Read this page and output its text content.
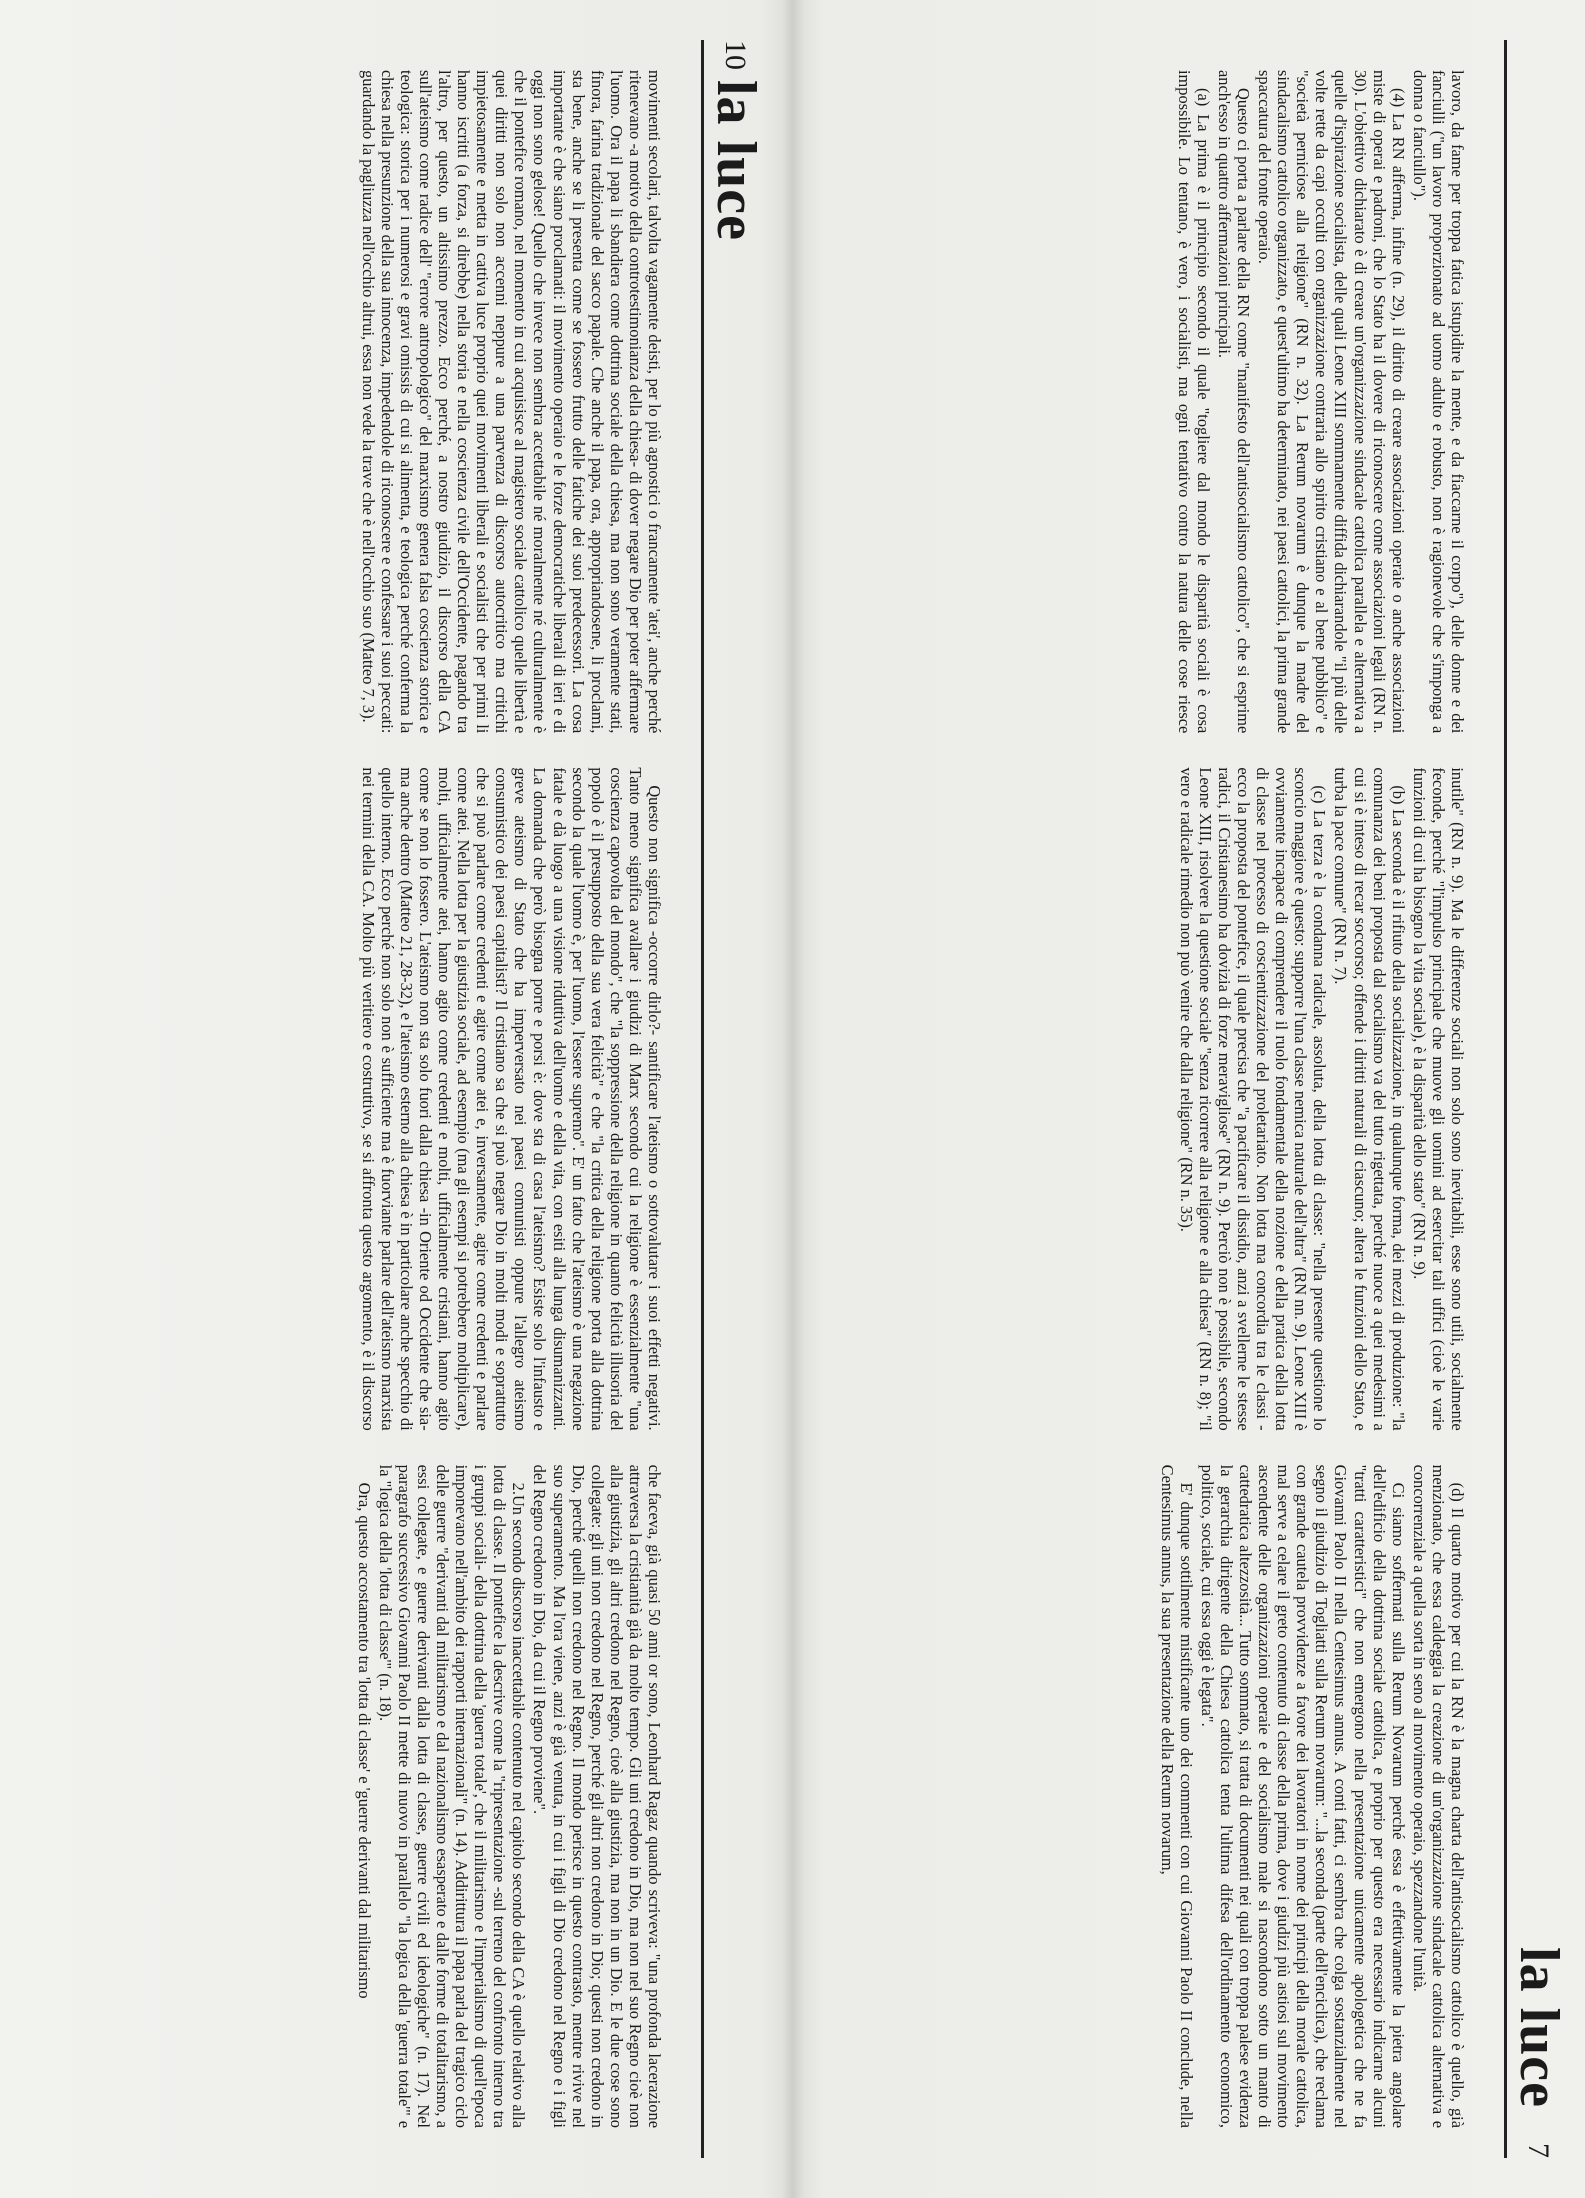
10
la luce

movimenti secolari, talvolta vagamente deisti, per lo più agnostici o francamente 'atei', anche perché ritenevano -a motivo della controtestimonianza della chiesa- di dover negare Dio per poter affermare l'uomo. Ora il papa li sbandiera come dottrina sociale della chiesa, ma non sono veramente stati, finora, farina tradizionale del sacco papale. Che anche il papa, ora, appropriandosene, li proclami, sta bene, anche se li presenta come se fossero frutto delle fatiche dei suoi predecessori. La cosa importante è che siano proclamati: il movimento operaio e le forze democratiche liberali di ieri e di oggi non sono gelose! Quello che invece non sembra accettabile né moralmente né culturalmente è che il pontefice romano, nel momento in cui acquisisce al magistero sociale cattolico quelle libertà e quei diritti non solo non accenni neppure a una parvenza di discorso autocritico ma critichi impietosamente e metta in cattiva luce proprio quei movimenti liberali e socialisti che per primi li hanno iscritti (a forza, si direbbe) nella storia e nella coscienza civile dell'Occidente, pagando tra l'altro, per questo, un altissimo prezzo. Ecco perché, a nostro giudizio, il discorso della CA sull'ateismo come radice dell' "errore antropologico" del marxismo genera falsa coscienza storica e teologica: storica per i numerosi e gravi omissis di cui si alimenta, e teologica perché conferma la chiesa nella presunzione della sua innocenza, impedendole di riconoscere e confessare i suoi peccati: guardando la pagliuzza nell'occhio altrui, essa non vede la trave che è nell'occhio suo (Matteo 7, 3).

Questo non significa -occorre dirlo?- santificare l'ateismo o sottovalutare i suoi effetti negativi. Tanto meno significa avallare i giudizi di Marx secondo cui la religione è essenzialmente "una coscienza capovolta del mondo", che "la soppressione della religione in quanto felicità illusoria del popolo è il presupposto della sua vera felicità" e che "la critica della religione porta alla dottrina secondo la quale l'uomo è, per l'uomo, l'essere supremo". E' un fatto che l'ateismo è una negazione fatale e dà luogo a una visione riduttiva dell'uomo e della vita, con esiti alla lunga disumanizzanti. La domanda che però bisogna porre e porsi è: dove sta di casa l'ateismo? Esiste solo l'infausto e greve ateismo di Stato che ha imperversato nei paesi comunisti oppure l'allegro ateismo consumistico dei paesi capitalisti? Il cristiano sa che si può negare Dio in molti modi e soprattutto che si può parlare come credenti e agire come atei e, inversamente, agire come credenti e parlare come atei. Nella lotta per la giustizia sociale, ad esempio (ma gli esempi si potrebbero moltiplicare), molti, ufficialmente atei, hanno agito come credenti e molti, ufficialmente cristiani, hanno agito come se non lo fossero. L'ateismo non sta solo fuori dalla chiesa -in Oriente od Occidente che sia- ma anche dentro (Matteo 21, 28-32), e l'ateismo esterno alla chiesa è in particolare anche specchio di quello interno. Ecco perché non solo non è sufficiente ma è fuorviante parlare dell'ateismo marxista nei termini della CA. Molto più veritiero e costruttivo, se si affronta questo argomento, è il discorso che faceva, già quasi 50 anni or sono, Leonhard Ragaz quando scriveva: "una profonda lacerazione attraversa la cristianità già da molto tempo. Gli uni credono in Dio, ma non nel suo Regno cioè non alla giustizia, gli altri credono nel Regno, cioè alla giustizia, ma non in un Dio. E le due cose sono collegate: gli uni non credono nel Regno, perché gli altri non credono in Dio; questi non credono in Dio, perché quelli non credono nel Regno. Il mondo perisce in questo contrasto, mentre rivive nel suo superamento. Ma l'ora viene, anzi è già venuta, in cui i figli di Dio credono nel Regno e i figli del Regno credono in Dio, da cui il Regno proviene".

2.Un secondo discorso inaccettabile contenuto nel capitolo secondo della CA è quello relativo alla lotta di classe. Il pontefice la descrive come la "ripresentazione -sul terreno del confronto interno tra i gruppi sociali- della dottrina della 'guerra totale', che il militarismo e l'imperialismo di quell'epoca imponevano nell'ambito dei rapporti internazionali" (n. 14). Addirittura il papa parla del tragico ciclo delle guerre "derivanti dal militarismo e dal nazionalismo esasperato e dalle forme di totalitarismo, a essi collegate, e guerre derivanti dalla lotta di classe, guerre civili ed ideologiche" (n. 17). Nel paragrafo successivo Giovanni Paolo II mette di nuovo in parallelo "la logica della 'guerra totale'" e la "logica della 'lotta di classe'" (n. 18).

Ora, questo accostamento tra 'lotta di classe' e 'guerre derivanti dal militarismo

la luce
7

lavoro, da fame per troppa fatica istupidire la mente, e da fiaccarne il corpo"), delle donne e dei fanciulli ("un lavoro proporzionato ad uomo adulto e robusto, non è ragionevole che s'imponga a donna o fanciullo").

(4) La RN afferma, infine (n. 29), il diritto di creare associazioni operaie o anche associazioni miste di operai e padroni, che lo Stato ha il dovere di riconoscere come associazioni legali (RN n. 30). L'obiettivo dichiarato è di creare un'organizzazione sindacale cattolica parallela e alternativa a quelle d'ispirazione socialista, delle quali Leone XIII sommamente diffida dichiarandole "il più delle volte rette da capi occulti con organizzazione contraria allo spirito cristiano e al bene pubblico" e "società perniciose alla religione" (RN n. 32). La Rerum novarum è dunque la madre del sindacalismo cattolico organizzato, e quest'ultimo ha determinato, nei paesi cattolici, la prima grande spaccatura del fronte operaio.

Questo ci porta a parlare della RN come "manifesto dell'antisocialismo cattolico", che si esprime anch'esso in quattro affermazioni principali.

(a) La prima è il principio secondo il quale "togliere dal mondo le disparità sociali è cosa impossibile. Lo tentano, è vero, i socialisti, ma ogni tentativo contro la natura delle cose riesce inutile" (RN n. 9). Ma le differenze sociali non solo sono inevitabili, esse sono utili, socialmente feconde, perché "l'impulso principale che muove gli uomini ad esercitar tali uffici (cioè le varie funzioni di cui ha bisogno la vita sociale), è la disparità dello stato" (RN n. 9).

(b) La seconda è il rifiuto della socializzazione, in qualunque forma, dei mezzi di produzione: "la comunanza dei beni proposta dal socialismo va del tutto rigettata, perché nuoce a quei medesimi a cui si è inteso di recar soccorso; offende i diritti naturali di ciascuno; altera le funzioni dello Stato, e turba la pace comune" (RN n. 7).

(c) La terza è la condanna radicale, assoluta, della lotta di classe: "nella presente questione lo sconcio maggiore è questo: supporre l'una classe nemica naturale dell'altra" (RN nn. 9). Leone XIII è ovviamente incapace di comprendere il ruolo fondamentale della nozione e della pratica della lotta di classe nel processo di coscientizzazione del proletariato. Non lotta ma concordia tra le classi - ecco la proposta del pontefice, il quale precisa che "a pacificare il dissidio, anzi a svellerne le stesse radici, il Cristianesimo ha dovizia di forze meravigliose" (RN n. 9). Perciò non è possibile, secondo Leone XIII, risolvere la questione sociale "senza ricorrere alla religione e alla chiesa" (RN n. 8); "il vero e radicale rimedio non può venire che dalla religione" (RN n. 35).

(d) Il quarto motivo per cui la RN è la magna charta dell'antisocialismo cattolico è quello, già menzionato, che essa caldeggia la creazione di un'organizzazione sindacale cattolica alternativa e concorrenziale a quella sorta in seno al movimento operaio, spezzandone l'unità.

Ci siamo soffermati sulla Rerum Novarum perché essa è effettivamente la pietra angolare dell'edificio della dottrina sociale cattolica, e proprio per questo era necessario indicarne alcuni "tratti caratteristici" che non emergono nella presentazione unicamente apologetica che ne fa Giovanni Paolo II nella Centesimus annus. A conti fatti, ci sembra che colga sostanzialmente nel segno il giudizio di Togliatti sulla Rerum novarum: "...la seconda (parte dell'enciclica), che reclama con grande cautela provvidenze a favore dei lavoratori in nome dei principi della morale cattolica, mal serve a celare il greto contenuto di classe della prima, dove i giudizi più astiosi sul movimento ascendente delle organizzazioni operaie e del socialismo male si nascondono sotto un manto di cattedratica altezzosità... Tutto sommato, si tratta di documenti nei quali con troppa palese evidenza la gerarchia dirigente della Chiesa cattolica tenta l'ultima difesa dell'ordinamento economico, politico, sociale, cui essa oggi è legata".

E' dunque sottilmente mistificante uno dei commenti con cui Giovanni Paolo II conclude, nella Centesimus annus, la sua presentazione della Rerum novarum,
